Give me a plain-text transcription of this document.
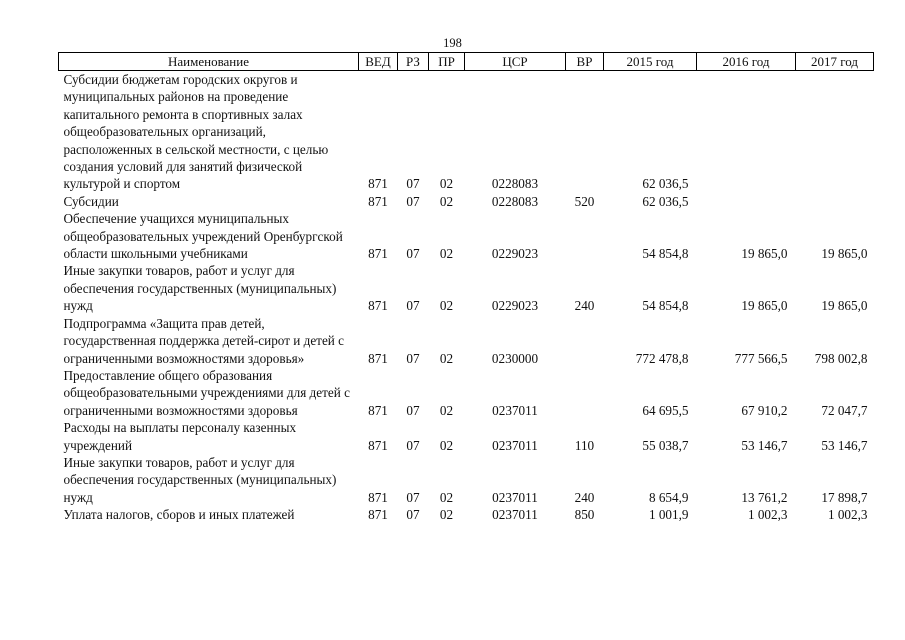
198
Наименование	ВЕД	РЗ	ПР	ЦСР	ВР	2015 год	2016 год	2017 год
Субсидии бюджетам городских округов и муниципальных районов на проведение капитального ремонта в спортивных залах общеобразовательных организаций, расположенных в сельской местности, с целью создания условий для занятий физической культурой и спортом	871	07	02	0228083		62 036,5		
Субсидии	871	07	02	0228083	520	62 036,5		
Обеспечение учащихся муниципальных общеобразовательных учреждений Оренбургской области школьными учебниками	871	07	02	0229023		54 854,8	19 865,0	19 865,0
Иные закупки товаров, работ и услуг для обеспечения государственных (муниципальных) нужд	871	07	02	0229023	240	54 854,8	19 865,0	19 865,0
Подпрограмма «Защита прав детей, государственная поддержка детей-сирот и детей с ограниченными возможностями здоровья»	871	07	02	0230000		772 478,8	777 566,5	798 002,8
Предоставление общего образования общеобразовательными учреждениями для детей с ограниченными возможностями здоровья	871	07	02	0237011		64 695,5	67 910,2	72 047,7
Расходы на выплаты персоналу казенных учреждений	871	07	02	0237011	110	55 038,7	53 146,7	53 146,7
Иные закупки товаров, работ и услуг для обеспечения государственных (муниципальных) нужд	871	07	02	0237011	240	8 654,9	13 761,2	17 898,7
Уплата налогов, сборов и иных платежей	871	07	02	0237011	850	1 001,9	1 002,3	1 002,3
